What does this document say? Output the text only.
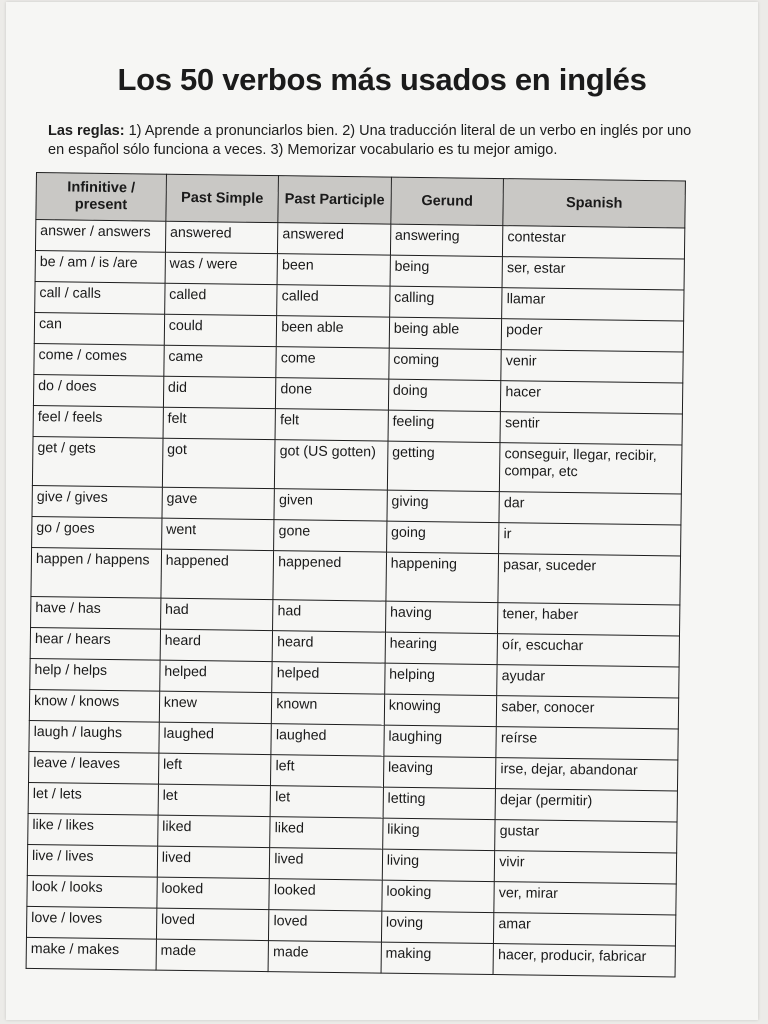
Los 50 verbos más usados en inglés
Las reglas: 1) Aprende a pronunciarlos bien. 2) Una traducción literal de un verbo en inglés por uno en español sólo funciona a veces. 3) Memorizar vocabulario es tu mejor amigo.
Infinitive / present	Past Simple	Past Participle	Gerund	Spanish
answer / answers	answered	answered	answering	contestar
be / am / is /are	was / were	been	being	ser, estar
call / calls	called	called	calling	llamar
can	could	been able	being able	poder
come / comes	came	come	coming	venir
do / does	did	done	doing	hacer
feel / feels	felt	felt	feeling	sentir
get / gets	got	got (US gotten)	getting	conseguir, llegar, recibir, compar, etc
give / gives	gave	given	giving	dar
go / goes	went	gone	going	ir
happen / happens	happened	happened	happening	pasar, suceder
have / has	had	had	having	tener, haber
hear / hears	heard	heard	hearing	oír, escuchar
help / helps	helped	helped	helping	ayudar
know / knows	knew	known	knowing	saber, conocer
laugh / laughs	laughed	laughed	laughing	reírse
leave / leaves	left	left	leaving	irse, dejar, abandonar
let / lets	let	let	letting	dejar (permitir)
like / likes	liked	liked	liking	gustar
live / lives	lived	lived	living	vivir
look / looks	looked	looked	looking	ver, mirar
love / loves	loved	loved	loving	amar
make / makes	made	made	making	hacer, producir, fabricar
